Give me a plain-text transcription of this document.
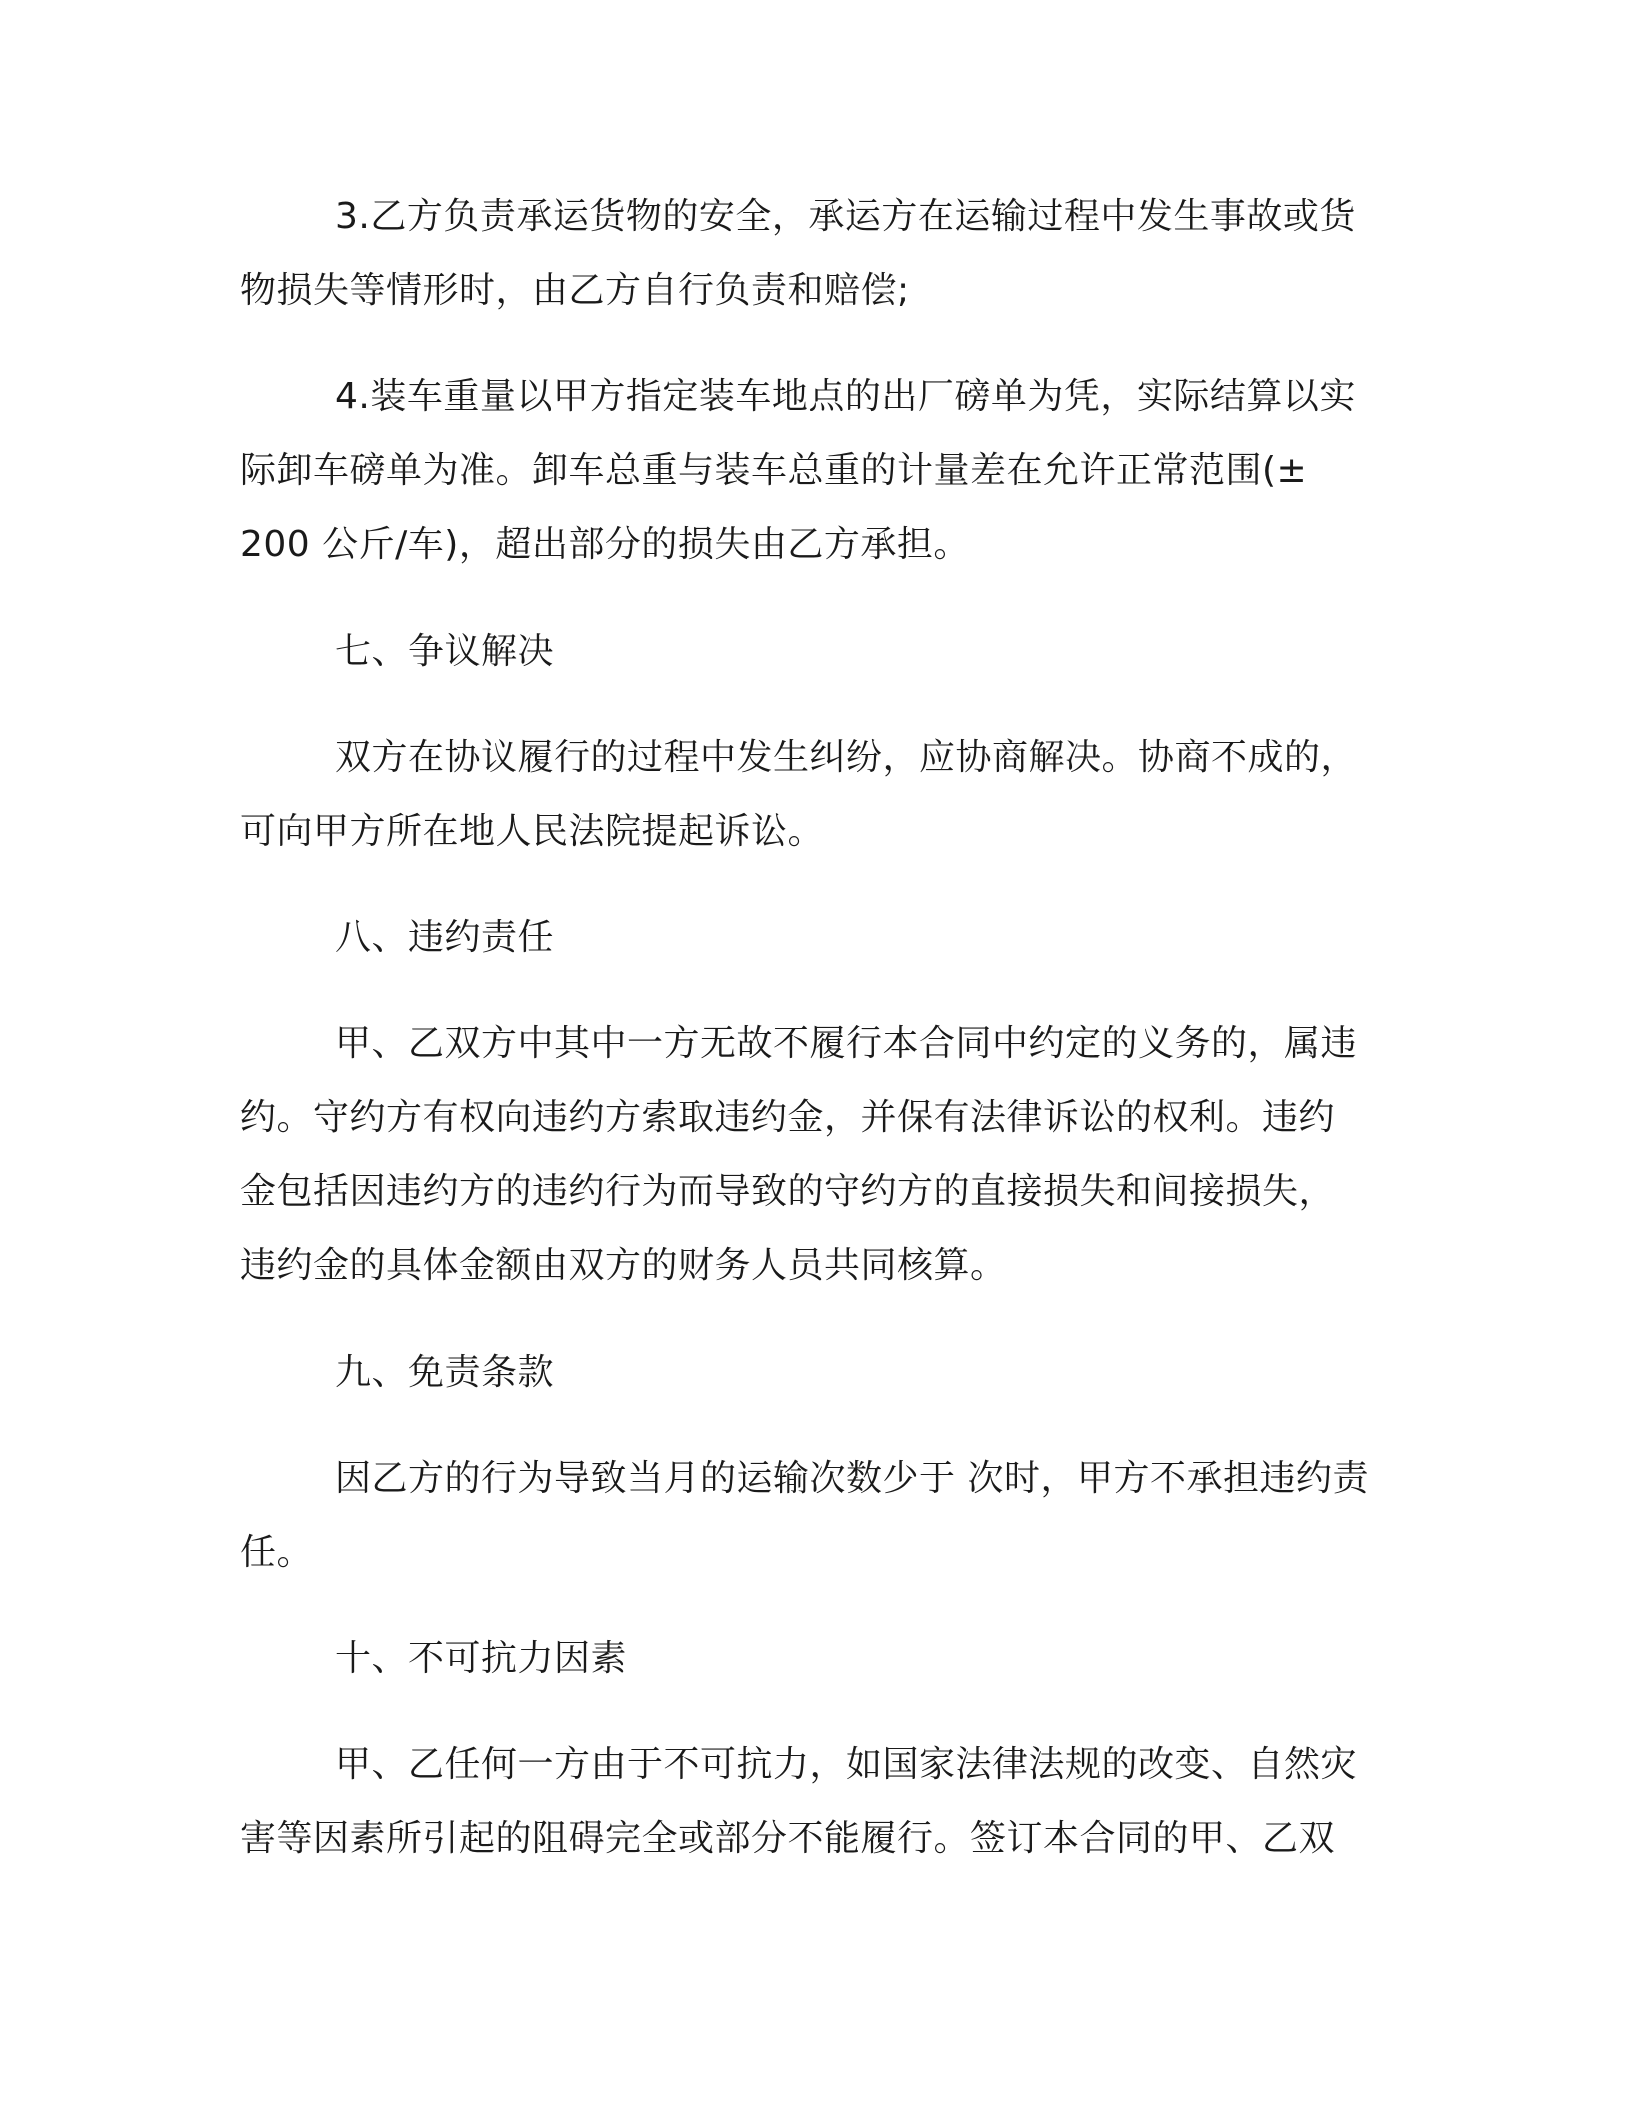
3.乙方负责承运货物的安全，承运方在运输过程中发生事故或货
物损失等情形时，由乙方自行负责和赔偿;
4.装车重量以甲方指定装车地点的出厂磅单为凭，实际结算以实
际卸车磅单为准。卸车总重与装车总重的计量差在允许正常范围(±
200 公斤/车)，超出部分的损失由乙方承担。
七、争议解决
双方在协议履行的过程中发生纠纷，应协商解决。协商不成的，
可向甲方所在地人民法院提起诉讼。
八、违约责任
甲、乙双方中其中一方无故不履行本合同中约定的义务的，属违
约。守约方有权向违约方索取违约金，并保有法律诉讼的权利。违约
金包括因违约方的违约行为而导致的守约方的直接损失和间接损失，
违约金的具体金额由双方的财务人员共同核算。
九、免责条款
因乙方的行为导致当月的运输次数少于 次时，甲方不承担违约责
任。
十、不可抗力因素
甲、乙任何一方由于不可抗力，如国家法律法规的改变、自然灾
害等因素所引起的阻碍完全或部分不能履行。签订本合同的甲、乙双
